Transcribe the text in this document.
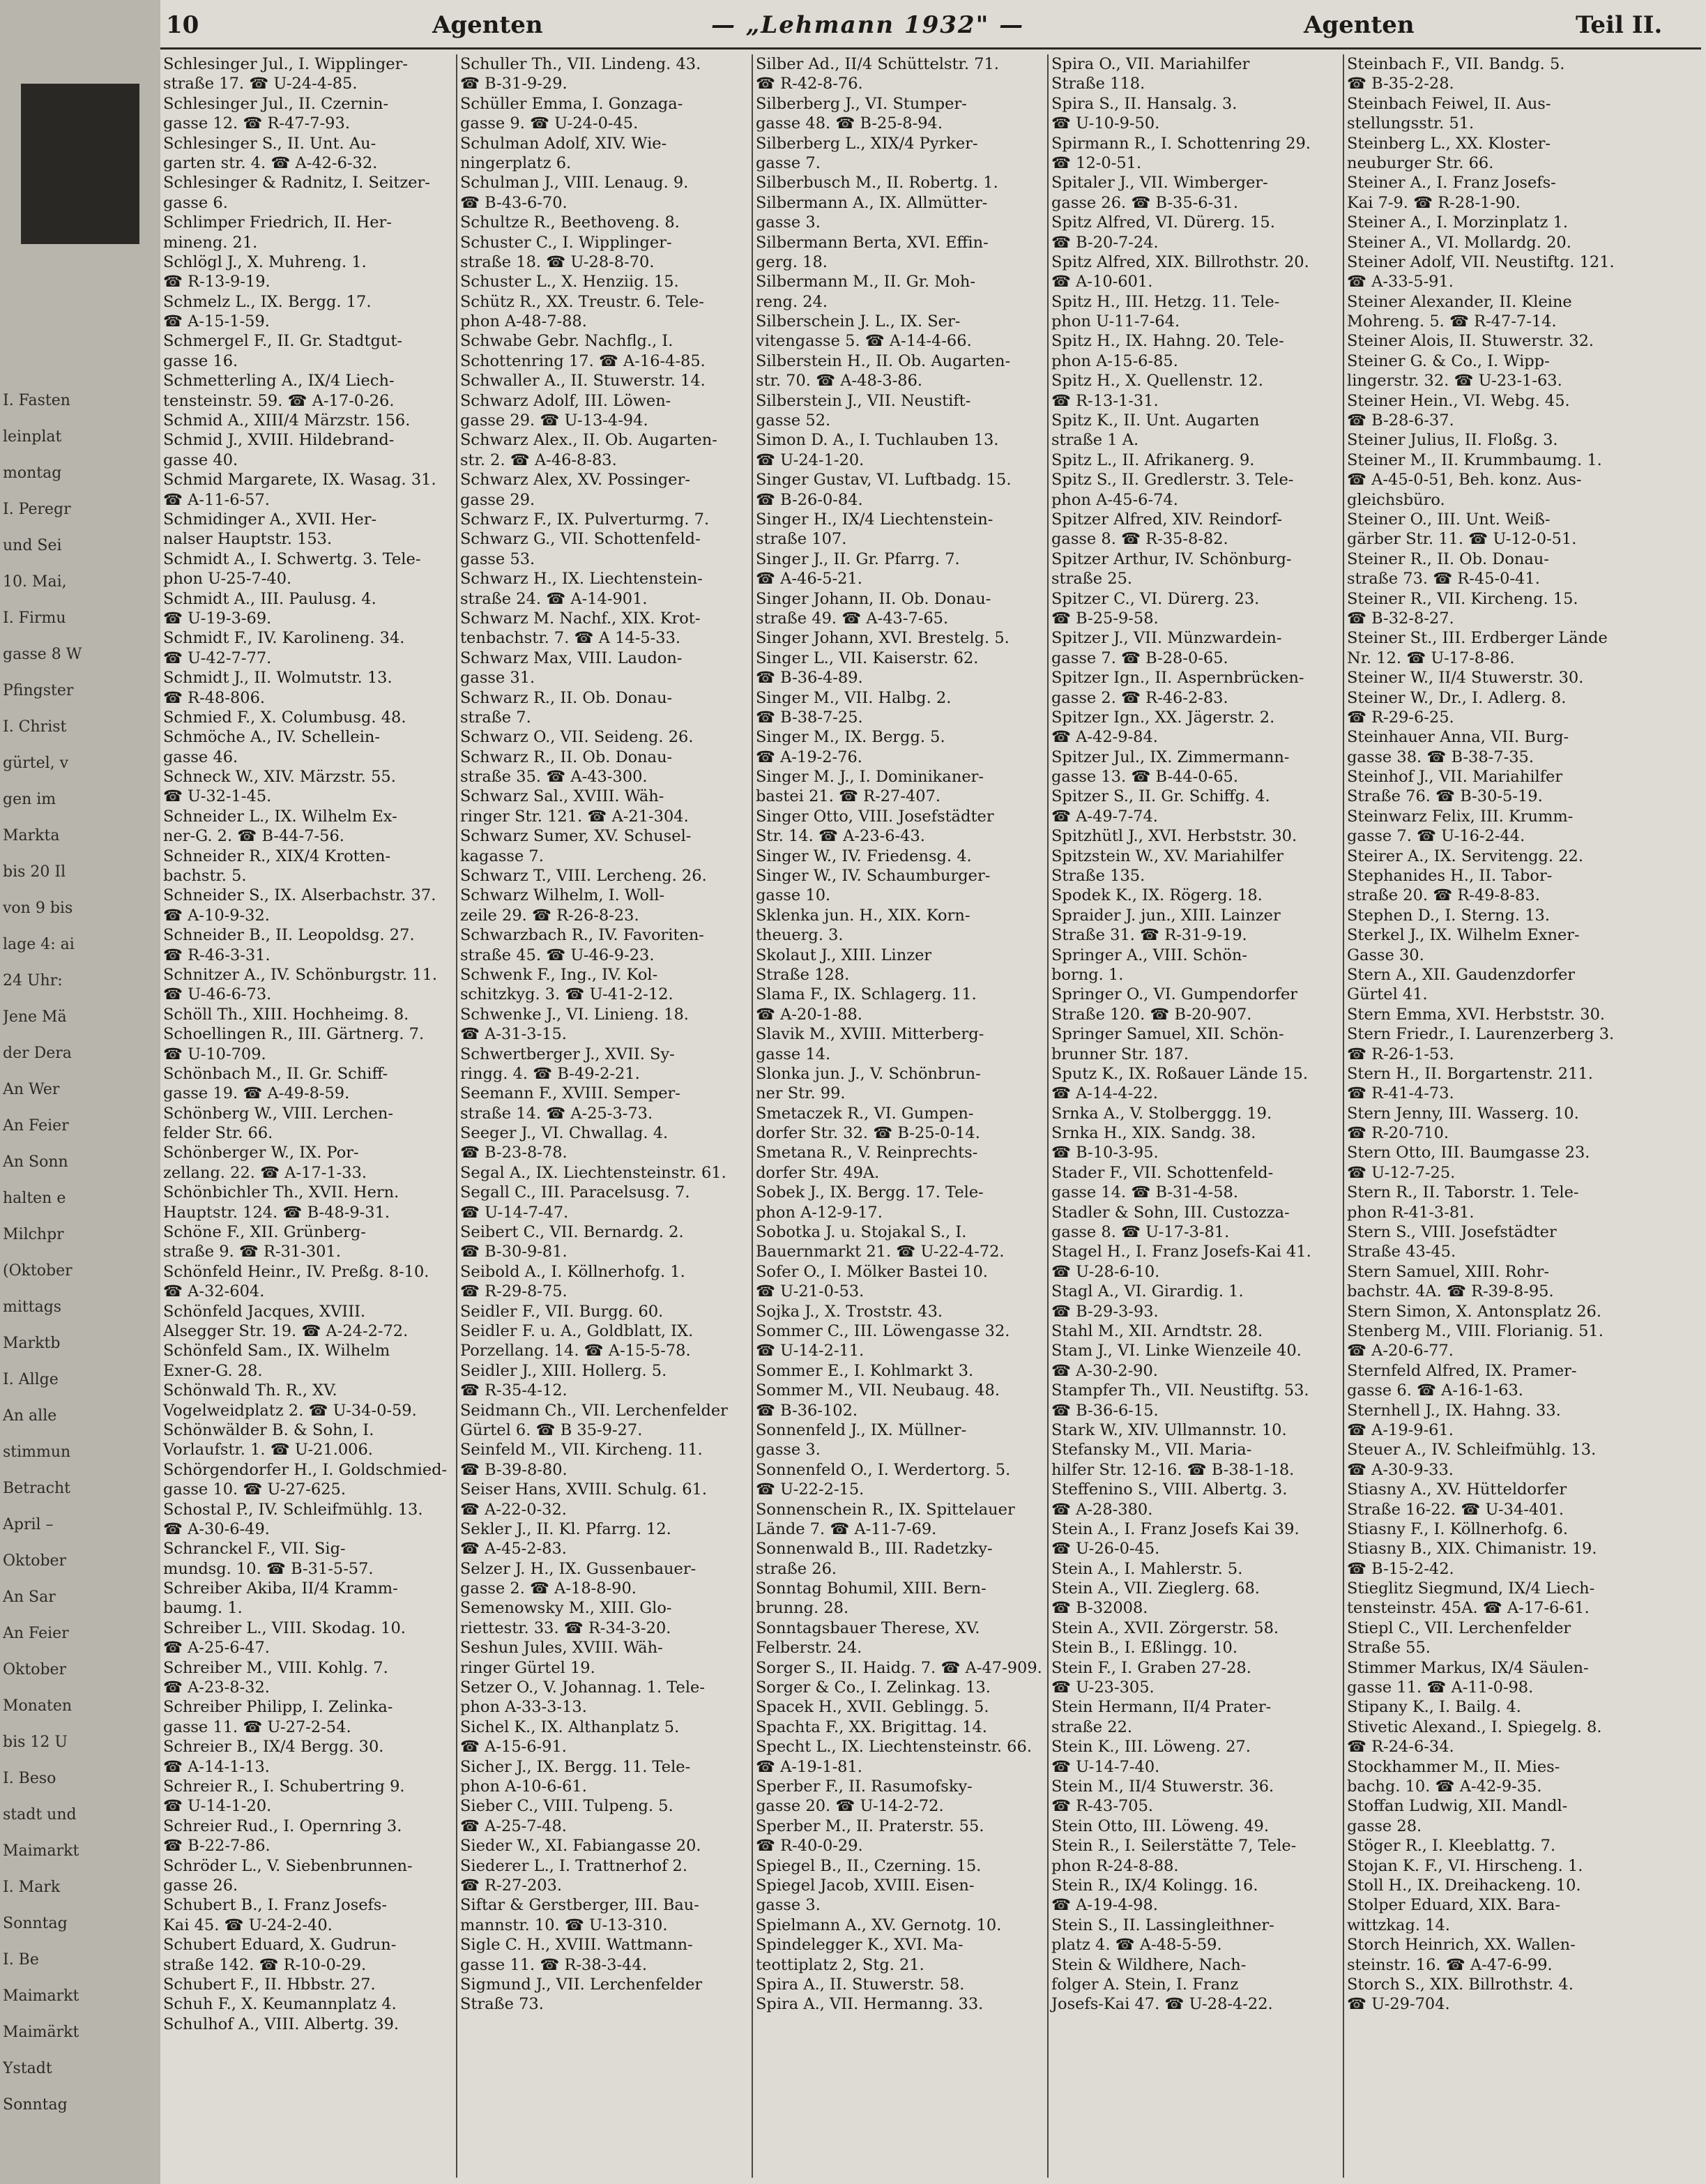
I. Fasten
leinplat
montag
I. Peregr
und Sei
10. Mai,
I. Firmu
gasse 8 W
Pfingster
I. Christ
gürtel, v
gen im
Markta
bis 20 Il
von 9 bis
lage 4: ai
24 Uhr:
Jene Mä
der Dera
An Wer
An Feier
An Sonn
halten e
Milchpr
(Oktober
mittags
Marktb
I. Allge
An alle
stimmun
Betracht
April –
Oktober
An Sar
An Feier
Oktober
Monaten
bis 12 U
I. Beso
stadt und
Maimarkt
I. Mark
Sonntag
I. Be
Maimarkt
Maimärkt
Ystadt
Sonntag
10	Agenten	— „Lehmann 1932" —	Agenten	Teil II.
Schlesinger Jul., I. Wipplinger-
straße 17. ☎ U-24-4-85.
Schlesinger Jul., II. Czernin-
gasse 12. ☎ R-47-7-93.
Schlesinger S., II. Unt. Au-
garten str. 4. ☎ A-42-6-32.
Schlesinger & Radnitz, I. Seitzer-
gasse 6.
Schlimper Friedrich, II. Her-
mineng. 21.
Schlögl J., X. Muhreng. 1.
☎ R-13-9-19.
Schmelz L., IX. Bergg. 17.
☎ A-15-1-59.
Schmergel F., II. Gr. Stadtgut-
gasse 16.
Schmetterling A., IX/4 Liech-
tensteinstr. 59. ☎ A-17-0-26.
Schmid A., XIII/4 Märzstr. 156.
Schmid J., XVIII. Hildebrand-
gasse 40.
Schmid Margarete, IX. Wasag. 31.
☎ A-11-6-57.
Schmidinger A., XVII. Her-
nalser Hauptstr. 153.
Schmidt A., I. Schwertg. 3. Tele-
phon U-25-7-40.
Schmidt A., III. Paulusg. 4.
☎ U-19-3-69.
Schmidt F., IV. Karolineng. 34.
☎ U-42-7-77.
Schmidt J., II. Wolmutstr. 13.
☎ R-48-806.
Schmied F., X. Columbusg. 48.
Schmöche A., IV. Schellein-
gasse 46.
Schneck W., XIV. Märzstr. 55.
☎ U-32-1-45.
Schneider L., IX. Wilhelm Ex-
ner-G. 2. ☎ B-44-7-56.
Schneider R., XIX/4 Krotten-
bachstr. 5.
Schneider S., IX. Alserbachstr. 37.
☎ A-10-9-32.
Schneider B., II. Leopoldsg. 27.
☎ R-46-3-31.
Schnitzer A., IV. Schönburgstr. 11.
☎ U-46-6-73.
Schöll Th., XIII. Hochheimg. 8.
Schoellingen R., III. Gärtnerg. 7.
☎ U-10-709.
Schönbach M., II. Gr. Schiff-
gasse 19. ☎ A-49-8-59.
Schönberg W., VIII. Lerchen-
felder Str. 66.
Schönberger W., IX. Por-
zellang. 22. ☎ A-17-1-33.
Schönbichler Th., XVII. Hern.
Hauptstr. 124. ☎ B-48-9-31.
Schöne F., XII. Grünberg-
straße 9. ☎ R-31-301.
Schönfeld Heinr., IV. Preßg. 8-10.
☎ A-32-604.
Schönfeld Jacques, XVIII.
Alsegger Str. 19. ☎ A-24-2-72.
Schönfeld Sam., IX. Wilhelm
Exner-G. 28.
Schönwald Th. R., XV.
Vogelweidplatz 2. ☎ U-34-0-59.
Schönwälder B. & Sohn, I.
Vorlaufstr. 1. ☎ U-21.006.
Schörgendorfer H., I. Goldschmied-
gasse 10. ☎ U-27-625.
Schostal P., IV. Schleifmühlg. 13.
☎ A-30-6-49.
Schranckel F., VII. Sig-
mundsg. 10. ☎ B-31-5-57.
Schreiber Akiba, II/4 Kramm-
baumg. 1.
Schreiber L., VIII. Skodag. 10.
☎ A-25-6-47.
Schreiber M., VIII. Kohlg. 7.
☎ A-23-8-32.
Schreiber Philipp, I. Zelinka-
gasse 11. ☎ U-27-2-54.
Schreier B., IX/4 Bergg. 30.
☎ A-14-1-13.
Schreier R., I. Schubertring 9.
☎ U-14-1-20.
Schreier Rud., I. Opernring 3.
☎ B-22-7-86.
Schröder L., V. Siebenbrunnen-
gasse 26.
Schubert B., I. Franz Josefs-
Kai 45. ☎ U-24-2-40.
Schubert Eduard, X. Gudrun-
straße 142. ☎ R-10-0-29.
Schubert F., II. Hbbstr. 27.
Schuh F., X. Keumannplatz 4.
Schulhof A., VIII. Albertg. 39.
Schuller Th., VII. Lindeng. 43.
☎ B-31-9-29.
Schüller Emma, I. Gonzaga-
gasse 9. ☎ U-24-0-45.
Schulman Adolf, XIV. Wie-
ningerplatz 6.
Schulman J., VIII. Lenaug. 9.
☎ B-43-6-70.
Schultze R., Beethoveng. 8.
Schuster C., I. Wipplinger-
straße 18. ☎ U-28-8-70.
Schuster L., X. Henziig. 15.
Schütz R., XX. Treustr. 6. Tele-
phon A-48-7-88.
Schwabe Gebr. Nachflg., I.
Schottenring 17. ☎ A-16-4-85.
Schwaller A., II. Stuwerstr. 14.
Schwarz Adolf, III. Löwen-
gasse 29. ☎ U-13-4-94.
Schwarz Alex., II. Ob. Augarten-
str. 2. ☎ A-46-8-83.
Schwarz Alex, XV. Possinger-
gasse 29.
Schwarz F., IX. Pulverturmg. 7.
Schwarz G., VII. Schottenfeld-
gasse 53.
Schwarz H., IX. Liechtenstein-
straße 24. ☎ A-14-901.
Schwarz M. Nachf., XIX. Krot-
tenbachstr. 7. ☎ A 14-5-33.
Schwarz Max, VIII. Laudon-
gasse 31.
Schwarz R., II. Ob. Donau-
straße 7.
Schwarz O., VII. Seideng. 26.
Schwarz R., II. Ob. Donau-
straße 35. ☎ A-43-300.
Schwarz Sal., XVIII. Wäh-
ringer Str. 121. ☎ A-21-304.
Schwarz Sumer, XV. Schusel-
kagasse 7.
Schwarz T., VIII. Lercheng. 26.
Schwarz Wilhelm, I. Woll-
zeile 29. ☎ R-26-8-23.
Schwarzbach R., IV. Favoriten-
straße 45. ☎ U-46-9-23.
Schwenk F., Ing., IV. Kol-
schitzkyg. 3. ☎ U-41-2-12.
Schwenke J., VI. Linieng. 18.
☎ A-31-3-15.
Schwertberger J., XVII. Sy-
ringg. 4. ☎ B-49-2-21.
Seemann F., XVIII. Semper-
straße 14. ☎ A-25-3-73.
Seeger J., VI. Chwallag. 4.
☎ B-23-8-78.
Segal A., IX. Liechtensteinstr. 61.
Segall C., III. Paracelsusg. 7.
☎ U-14-7-47.
Seibert C., VII. Bernardg. 2.
☎ B-30-9-81.
Seibold A., I. Köllnerhofg. 1.
☎ R-29-8-75.
Seidler F., VII. Burgg. 60.
Seidler F. u. A., Goldblatt, IX.
Porzellang. 14. ☎ A-15-5-78.
Seidler J., XIII. Hollerg. 5.
☎ R-35-4-12.
Seidmann Ch., VII. Lerchenfelder
Gürtel 6. ☎ B 35-9-27.
Seinfeld M., VII. Kircheng. 11.
☎ B-39-8-80.
Seiser Hans, XVIII. Schulg. 61.
☎ A-22-0-32.
Sekler J., II. Kl. Pfarrg. 12.
☎ A-45-2-83.
Selzer J. H., IX. Gussenbauer-
gasse 2. ☎ A-18-8-90.
Semenowsky M., XIII. Glo-
riettestr. 33. ☎ R-34-3-20.
Seshun Jules, XVIII. Wäh-
ringer Gürtel 19.
Setzer O., V. Johannag. 1. Tele-
phon A-33-3-13.
Sichel K., IX. Althanplatz 5.
☎ A-15-6-91.
Sicher J., IX. Bergg. 11. Tele-
phon A-10-6-61.
Sieber C., VIII. Tulpeng. 5.
☎ A-25-7-48.
Sieder W., XI. Fabiangasse 20.
Siederer L., I. Trattnerhof 2.
☎ R-27-203.
Siftar & Gerstberger, III. Bau-
mannstr. 10. ☎ U-13-310.
Sigle C. H., XVIII. Wattmann-
gasse 11. ☎ R-38-3-44.
Sigmund J., VII. Lerchenfelder
Straße 73.
Silber Ad., II/4 Schüttelstr. 71.
☎ R-42-8-76.
Silberberg J., VI. Stumper-
gasse 48. ☎ B-25-8-94.
Silberberg L., XIX/4 Pyrker-
gasse 7.
Silberbusch M., II. Robertg. 1.
Silbermann A., IX. Allmütter-
gasse 3.
Silbermann Berta, XVI. Effin-
gerg. 18.
Silbermann M., II. Gr. Moh-
reng. 24.
Silberschein J. L., IX. Ser-
vitengasse 5. ☎ A-14-4-66.
Silberstein H., II. Ob. Augarten-
str. 70. ☎ A-48-3-86.
Silberstein J., VII. Neustift-
gasse 52.
Simon D. A., I. Tuchlauben 13.
☎ U-24-1-20.
Singer Gustav, VI. Luftbadg. 15.
☎ B-26-0-84.
Singer H., IX/4 Liechtenstein-
straße 107.
Singer J., II. Gr. Pfarrg. 7.
☎ A-46-5-21.
Singer Johann, II. Ob. Donau-
straße 49. ☎ A-43-7-65.
Singer Johann, XVI. Brestelg. 5.
Singer L., VII. Kaiserstr. 62.
☎ B-36-4-89.
Singer M., VII. Halbg. 2.
☎ B-38-7-25.
Singer M., IX. Bergg. 5.
☎ A-19-2-76.
Singer M. J., I. Dominikaner-
bastei 21. ☎ R-27-407.
Singer Otto, VIII. Josefstädter
Str. 14. ☎ A-23-6-43.
Singer W., IV. Friedensg. 4.
Singer W., IV. Schaumburger-
gasse 10.
Sklenka jun. H., XIX. Korn-
theuerg. 3.
Skolaut J., XIII. Linzer
Straße 128.
Slama F., IX. Schlagerg. 11.
☎ A-20-1-88.
Slavik M., XVIII. Mitterberg-
gasse 14.
Slonka jun. J., V. Schönbrun-
ner Str. 99.
Smetaczek R., VI. Gumpen-
dorfer Str. 32. ☎ B-25-0-14.
Smetana R., V. Reinprechts-
dorfer Str. 49A.
Sobek J., IX. Bergg. 17. Tele-
phon A-12-9-17.
Sobotka J. u. Stojakal S., I.
Bauernmarkt 21. ☎ U-22-4-72.
Sofer O., I. Mölker Bastei 10.
☎ U-21-0-53.
Sojka J., X. Troststr. 43.
Sommer C., III. Löwengasse 32.
☎ U-14-2-11.
Sommer E., I. Kohlmarkt 3.
Sommer M., VII. Neubaug. 48.
☎ B-36-102.
Sonnenfeld J., IX. Müllner-
gasse 3.
Sonnenfeld O., I. Werdertorg. 5.
☎ U-22-2-15.
Sonnenschein R., IX. Spittelauer
Lände 7. ☎ A-11-7-69.
Sonnenwald B., III. Radetzky-
straße 26.
Sonntag Bohumil, XIII. Bern-
brunng. 28.
Sonntagsbauer Therese, XV.
Felberstr. 24.
Sorger S., II. Haidg. 7. ☎ A-47-909.
Sorger & Co., I. Zelinkag. 13.
Spacek H., XVII. Geblingg. 5.
Spachta F., XX. Brigittag. 14.
Specht L., IX. Liechtensteinstr. 66.
☎ A-19-1-81.
Sperber F., II. Rasumofsky-
gasse 20. ☎ U-14-2-72.
Sperber M., II. Praterstr. 55.
☎ R-40-0-29.
Spiegel B., II., Czerning. 15.
Spiegel Jacob, XVIII. Eisen-
gasse 3.
Spielmann A., XV. Gernotg. 10.
Spindelegger K., XVI. Ma-
teottiplatz 2, Stg. 21.
Spira A., II. Stuwerstr. 58.
Spira A., VII. Hermanng. 33.
Spira O., VII. Mariahilfer
Straße 118.
Spira S., II. Hansalg. 3.
☎ U-10-9-50.
Spirmann R., I. Schottenring 29.
☎ 12-0-51.
Spitaler J., VII. Wimberger-
gasse 26. ☎ B-35-6-31.
Spitz Alfred, VI. Dürerg. 15.
☎ B-20-7-24.
Spitz Alfred, XIX. Billrothstr. 20.
☎ A-10-601.
Spitz H., III. Hetzg. 11. Tele-
phon U-11-7-64.
Spitz H., IX. Hahng. 20. Tele-
phon A-15-6-85.
Spitz H., X. Quellenstr. 12.
☎ R-13-1-31.
Spitz K., II. Unt. Augarten
straße 1 A.
Spitz L., II. Afrikanerg. 9.
Spitz S., II. Gredlerstr. 3. Tele-
phon A-45-6-74.
Spitzer Alfred, XIV. Reindorf-
gasse 8. ☎ R-35-8-82.
Spitzer Arthur, IV. Schönburg-
straße 25.
Spitzer C., VI. Dürerg. 23.
☎ B-25-9-58.
Spitzer J., VII. Münzwardein-
gasse 7. ☎ B-28-0-65.
Spitzer Ign., II. Aspernbrücken-
gasse 2. ☎ R-46-2-83.
Spitzer Ign., XX. Jägerstr. 2.
☎ A-42-9-84.
Spitzer Jul., IX. Zimmermann-
gasse 13. ☎ B-44-0-65.
Spitzer S., II. Gr. Schiffg. 4.
☎ A-49-7-74.
Spitzhütl J., XVI. Herbststr. 30.
Spitzstein W., XV. Mariahilfer
Straße 135.
Spodek K., IX. Rögerg. 18.
Spraider J. jun., XIII. Lainzer
Straße 31. ☎ R-31-9-19.
Springer A., VIII. Schön-
borng. 1.
Springer O., VI. Gumpendorfer
Straße 120. ☎ B-20-907.
Springer Samuel, XII. Schön-
brunner Str. 187.
Sputz K., IX. Roßauer Lände 15.
☎ A-14-4-22.
Srnka A., V. Stolberggg. 19.
Srnka H., XIX. Sandg. 38.
☎ B-10-3-95.
Stader F., VII. Schottenfeld-
gasse 14. ☎ B-31-4-58.
Stadler & Sohn, III. Custozza-
gasse 8. ☎ U-17-3-81.
Stagel H., I. Franz Josefs-Kai 41.
☎ U-28-6-10.
Stagl A., VI. Girardig. 1.
☎ B-29-3-93.
Stahl M., XII. Arndtstr. 28.
Stam J., VI. Linke Wienzeile 40.
☎ A-30-2-90.
Stampfer Th., VII. Neustiftg. 53.
☎ B-36-6-15.
Stark W., XIV. Ullmannstr. 10.
Stefansky M., VII. Maria-
hilfer Str. 12-16. ☎ B-38-1-18.
Steffenino S., VIII. Albertg. 3.
☎ A-28-380.
Stein A., I. Franz Josefs Kai 39.
☎ U-26-0-45.
Stein A., I. Mahlerstr. 5.
Stein A., VII. Zieglerg. 68.
☎ B-32008.
Stein A., XVII. Zörgerstr. 58.
Stein B., I. Eßlingg. 10.
Stein F., I. Graben 27-28.
☎ U-23-305.
Stein Hermann, II/4 Prater-
straße 22.
Stein K., III. Löweng. 27.
☎ U-14-7-40.
Stein M., II/4 Stuwerstr. 36.
☎ R-43-705.
Stein Otto, III. Löweng. 49.
Stein R., I. Seilerstätte 7, Tele-
phon R-24-8-88.
Stein R., IX/4 Kolingg. 16.
☎ A-19-4-98.
Stein S., II. Lassingleithner-
platz 4. ☎ A-48-5-59.
Stein & Wildhere, Nach-
folger A. Stein, I. Franz
Josefs-Kai 47. ☎ U-28-4-22.
Steinbach F., VII. Bandg. 5.
☎ B-35-2-28.
Steinbach Feiwel, II. Aus-
stellungsstr. 51.
Steinberg L., XX. Kloster-
neuburger Str. 66.
Steiner A., I. Franz Josefs-
Kai 7-9. ☎ R-28-1-90.
Steiner A., I. Morzinplatz 1.
Steiner A., VI. Mollardg. 20.
Steiner Adolf, VII. Neustiftg. 121.
☎ A-33-5-91.
Steiner Alexander, II. Kleine
Mohreng. 5. ☎ R-47-7-14.
Steiner Alois, II. Stuwerstr. 32.
Steiner G. & Co., I. Wipp-
lingerstr. 32. ☎ U-23-1-63.
Steiner Hein., VI. Webg. 45.
☎ B-28-6-37.
Steiner Julius, II. Floßg. 3.
Steiner M., II. Krummbaumg. 1.
☎ A-45-0-51, Beh. konz. Aus-
gleichsbüro.
Steiner O., III. Unt. Weiß-
gärber Str. 11. ☎ U-12-0-51.
Steiner R., II. Ob. Donau-
straße 73. ☎ R-45-0-41.
Steiner R., VII. Kircheng. 15.
☎ B-32-8-27.
Steiner St., III. Erdberger Lände
Nr. 12. ☎ U-17-8-86.
Steiner W., II/4 Stuwerstr. 30.
Steiner W., Dr., I. Adlerg. 8.
☎ R-29-6-25.
Steinhauer Anna, VII. Burg-
gasse 38. ☎ B-38-7-35.
Steinhof J., VII. Mariahilfer
Straße 76. ☎ B-30-5-19.
Steinwarz Felix, III. Krumm-
gasse 7. ☎ U-16-2-44.
Steirer A., IX. Servitengg. 22.
Stephanides H., II. Tabor-
straße 20. ☎ R-49-8-83.
Stephen D., I. Sterng. 13.
Sterkel J., IX. Wilhelm Exner-
Gasse 30.
Stern A., XII. Gaudenzdorfer
Gürtel 41.
Stern Emma, XVI. Herbststr. 30.
Stern Friedr., I. Laurenzerberg 3.
☎ R-26-1-53.
Stern H., II. Borgartenstr. 211.
☎ R-41-4-73.
Stern Jenny, III. Wasserg. 10.
☎ R-20-710.
Stern Otto, III. Baumgasse 23.
☎ U-12-7-25.
Stern R., II. Taborstr. 1. Tele-
phon R-41-3-81.
Stern S., VIII. Josefstädter
Straße 43-45.
Stern Samuel, XIII. Rohr-
bachstr. 4A. ☎ R-39-8-95.
Stern Simon, X. Antonsplatz 26.
Stenberg M., VIII. Florianig. 51.
☎ A-20-6-77.
Sternfeld Alfred, IX. Pramer-
gasse 6. ☎ A-16-1-63.
Sternhell J., IX. Hahng. 33.
☎ A-19-9-61.
Steuer A., IV. Schleifmühlg. 13.
☎ A-30-9-33.
Stiasny A., XV. Hütteldorfer
Straße 16-22. ☎ U-34-401.
Stiasny F., I. Köllnerhofg. 6.
Stiasny B., XIX. Chimanistr. 19.
☎ B-15-2-42.
Stieglitz Siegmund, IX/4 Liech-
tensteinstr. 45A. ☎ A-17-6-61.
Stiepl C., VII. Lerchenfelder
Straße 55.
Stimmer Markus, IX/4 Säulen-
gasse 11. ☎ A-11-0-98.
Stipany K., I. Bailg. 4.
Stivetic Alexand., I. Spiegelg. 8.
☎ R-24-6-34.
Stockhammer M., II. Mies-
bachg. 10. ☎ A-42-9-35.
Stoffan Ludwig, XII. Mandl-
gasse 28.
Stöger R., I. Kleeblattg. 7.
Stojan K. F., VI. Hirscheng. 1.
Stoll H., IX. Dreihackeng. 10.
Stolper Eduard, XIX. Bara-
wittzkag. 14.
Storch Heinrich, XX. Wallen-
steinstr. 16. ☎ A-47-6-99.
Storch S., XIX. Billrothstr. 4.
☎ U-29-704.
